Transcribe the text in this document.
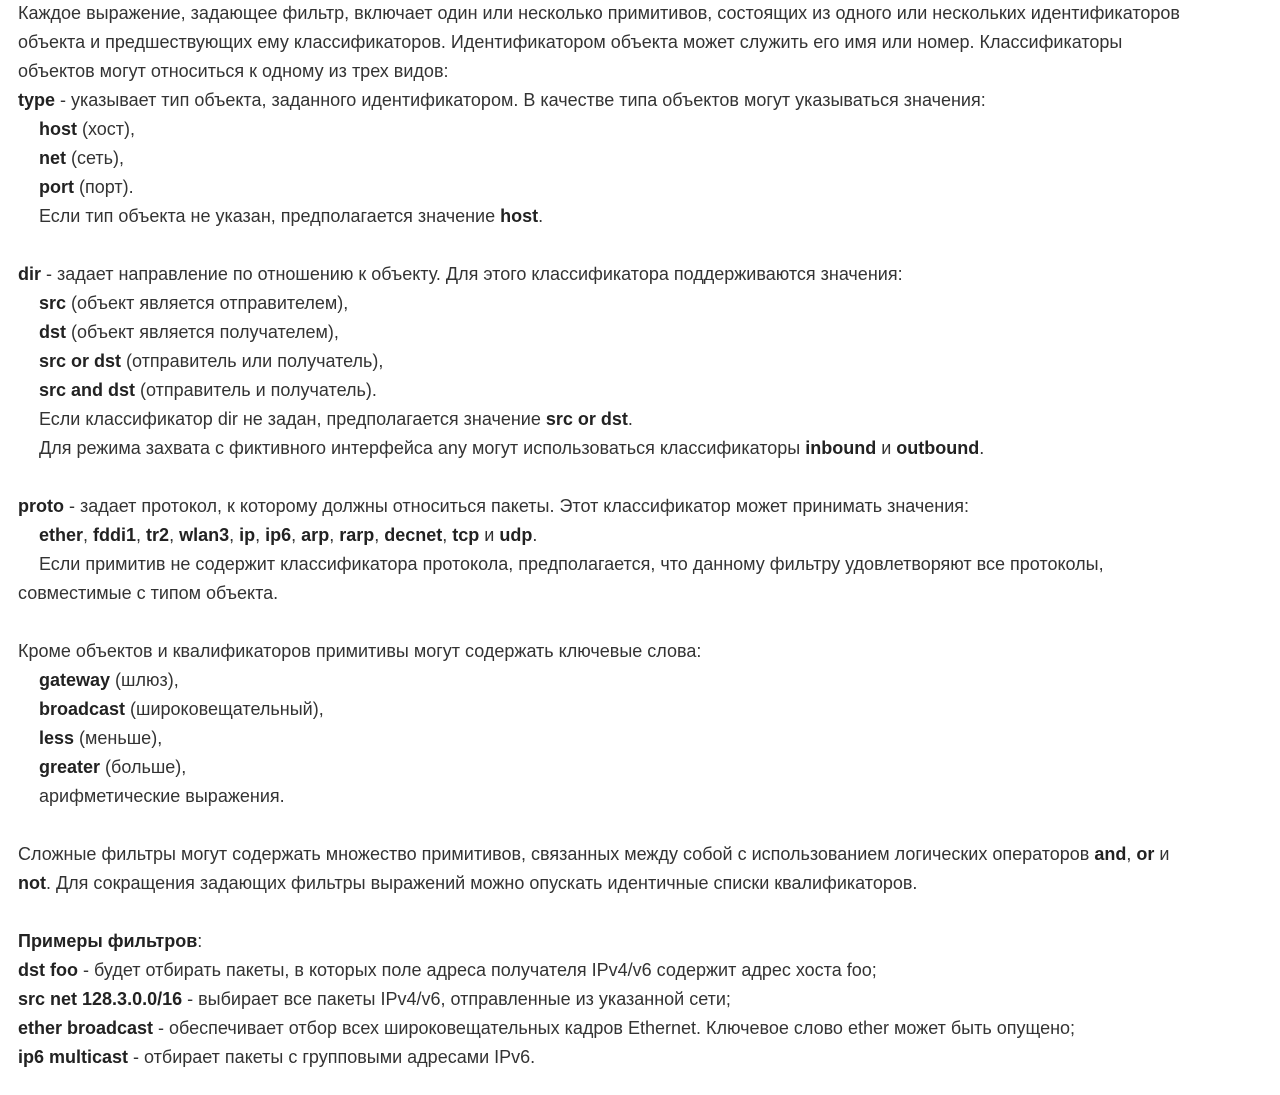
Каждое выражение, задающее фильтр, включает один или несколько примитивов, состоящих из одного или нескольких идентификаторов
объекта и предшествующих ему классификаторов. Идентификатором объекта может служить его имя или номер. Классификаторы
объектов могут относиться к одному из трех видов:
type - указывает тип объекта, заданного идентификатором. В качестве типа объектов могут указываться значения:
host (хост),
net (сеть),
port (порт).
Если тип объекта не указан, предполагается значение host.
dir - задает направление по отношению к объекту. Для этого классификатора поддерживаются значения:
src (объект является отправителем),
dst (объект является получателем),
src or dst (отправитель или получатель),
src and dst (отправитель и получатель).
Если классификатор dir не задан, предполагается значение src or dst.
Для режима захвата с фиктивного интерфейса any могут использоваться классификаторы inbound и outbound.
proto - задает протокол, к которому должны относиться пакеты. Этот классификатор может принимать значения:
ether, fddi1, tr2, wlan3, ip, ip6, arp, rarp, decnet, tcp и udp.
Если примитив не содержит классификатора протокола, предполагается, что данному фильтру удовлетворяют все протоколы,
совместимые с типом объекта.
Кроме объектов и квалификаторов примитивы могут содержать ключевые слова:
gateway (шлюз),
broadcast (широковещательный),
less (меньше),
greater (больше),
арифметические выражения.
Сложные фильтры могут содержать множество примитивов, связанных между собой с использованием логических операторов and, or и
not. Для сокращения задающих фильтры выражений можно опускать идентичные списки квалификаторов.
Примеры фильтров:
dst foo - будет отбирать пакеты, в которых поле адреса получателя IPv4/v6 содержит адрес хоста foo;
src net 128.3.0.0/16 - выбирает все пакеты IPv4/v6, отправленные из указанной сети;
ether broadcast - обеспечивает отбор всех широковещательных кадров Ethernet. Ключевое слово ether может быть опущено;
ip6 multicast - отбирает пакеты с групповыми адресами IPv6.
